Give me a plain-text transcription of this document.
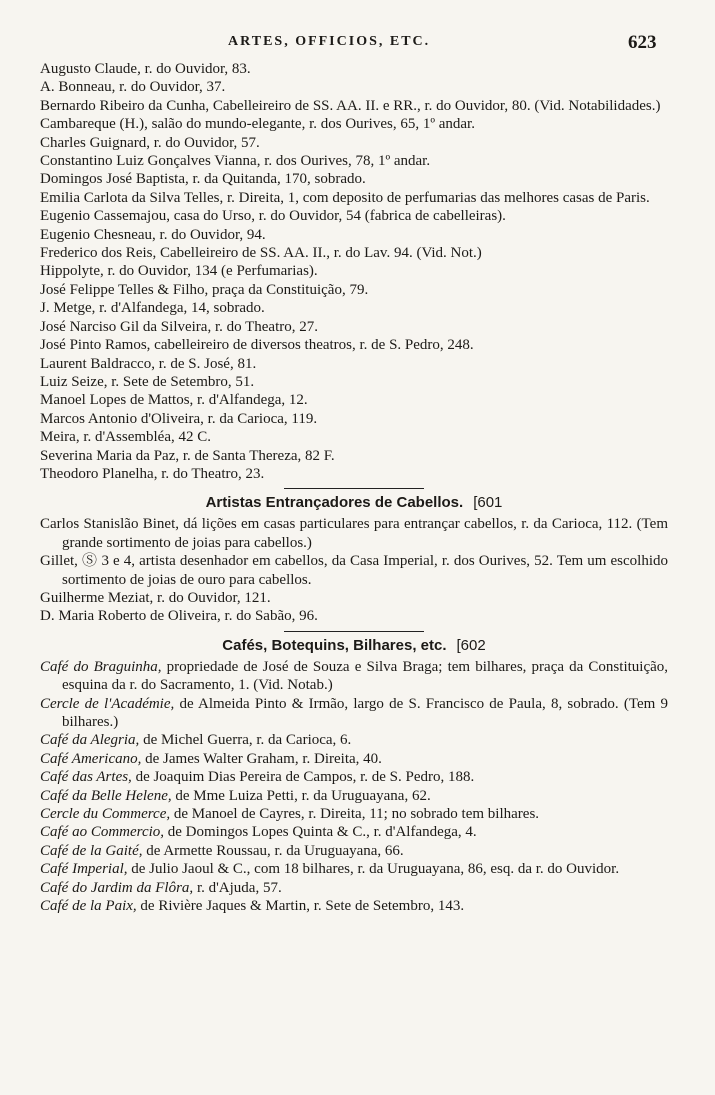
ARTES, OFFICIOS, ETC.	623

Augusto Claude, r. do Ouvidor, 83.

A. Bonneau, r. do Ouvidor, 37.

Bernardo Ribeiro da Cunha, Cabelleireiro de SS. AA. II. e RR., r. do Ouvidor, 80. (Vid. Notabilidades.)

Cambareque (H.), salão do mundo-elegante, r. dos Ourives, 65, 1º andar.

Charles Guignard, r. do Ouvidor, 57.

Constantino Luiz Gonçalves Vianna, r. dos Ourives, 78, 1º andar.

Domingos José Baptista, r. da Quitanda, 170, sobrado.

Emilia Carlota da Silva Telles, r. Direita, 1, com deposito de perfumarias das melhores casas de Paris.

Eugenio Cassemajou, casa do Urso, r. do Ouvidor, 54 (fabrica de cabelleiras).

Eugenio Chesneau, r. do Ouvidor, 94.

Frederico dos Reis, Cabelleireiro de SS. AA. II., r. do Lav. 94. (Vid. Not.)

Hippolyte, r. do Ouvidor, 134 (e Perfumarias).

José Felippe Telles & Filho, praça da Constituição, 79.

J. Metge, r. d'Alfandega, 14, sobrado.

José Narciso Gil da Silveira, r. do Theatro, 27.

José Pinto Ramos, cabelleireiro de diversos theatros, r. de S. Pedro, 248.

Laurent Baldracco, r. de S. José, 81.

Luiz Seize, r. Sete de Setembro, 51.

Manoel Lopes de Mattos, r. d'Alfandega, 12.

Marcos Antonio d'Oliveira, r. da Carioca, 119.

Meira, r. d'Assembléa, 42 C.

Severina Maria da Paz, r. de Santa Thereza, 82 F.

Theodoro Planelha, r. do Theatro, 23.

Artistas Entrançadores de Cabellos. [601

Carlos Stanislão Binet, dá lições em casas particulares para entrançar cabellos, r. da Carioca, 112. (Tem grande sortimento de joias para cabellos.)

Gillet, Ⓢ 3 e 4, artista desenhador em cabellos, da Casa Imperial, r. dos Ourives, 52. Tem um escolhido sortimento de joias de ouro para cabellos.

Guilherme Meziat, r. do Ouvidor, 121.

D. Maria Roberto de Oliveira, r. do Sabão, 96.

Cafés, Botequins, Bilhares, etc. [602

Café do Braguinha, propriedade de José de Souza e Silva Braga; tem bilhares, praça da Constituição, esquina da r. do Sacramento, 1. (Vid. Notab.)

Cercle de l'Académie, de Almeida Pinto & Irmão, largo de S. Francisco de Paula, 8, sobrado. (Tem 9 bilhares.)

Café da Alegria, de Michel Guerra, r. da Carioca, 6.

Café Americano, de James Walter Graham, r. Direita, 40.

Café das Artes, de Joaquim Dias Pereira de Campos, r. de S. Pedro, 188.

Café da Belle Helene, de Mme Luiza Petti, r. da Uruguayana, 62.

Cercle du Commerce, de Manoel de Cayres, r. Direita, 11; no sobrado tem bilhares.

Café ao Commercio, de Domingos Lopes Quinta & C., r. d'Alfandega, 4.

Café de la Gaité, de Armette Roussau, r. da Uruguayana, 66.

Café Imperial, de Julio Jaoul & C., com 18 bilhares, r. da Uruguayana, 86, esq. da r. do Ouvidor.

Café do Jardim da Flôra, r. d'Ajuda, 57.

Café de la Paix, de Rivière Jaques & Martin, r. Sete de Setembro, 143.
